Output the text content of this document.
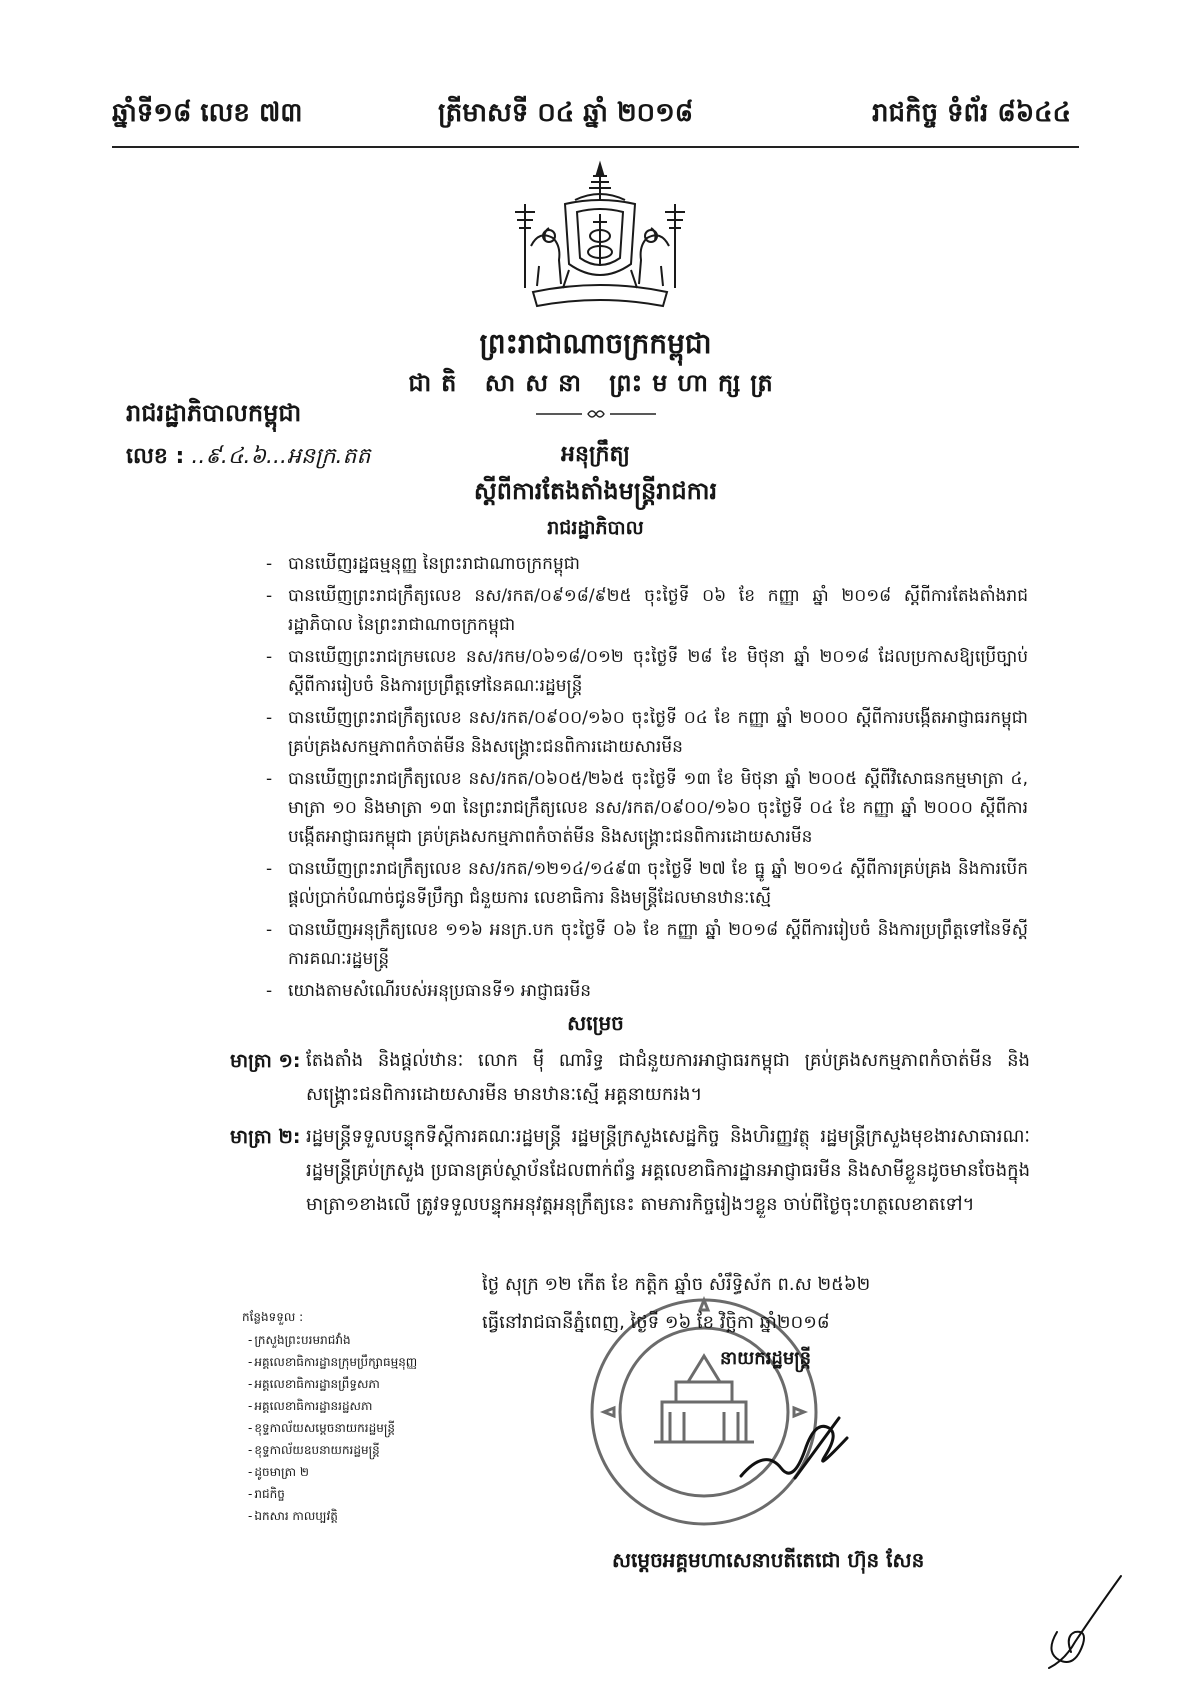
ឆ្នាំទី១៨ លេខ ៧៣	ត្រីមាសទី ០៤ ឆ្នាំ ២០១៨	រាជកិច្ច ទំព័រ ៨៦៤៤
ព្រះរាជាណាចក្រកម្ពុជា
ជាតិ សាសនា ព្រះមហាក្សត្រ
រាជរដ្ឋាភិបាលកម្ពុជា
លេខ : ..៩.៤.៦...អនក្រ.តត	អនុក្រឹត្យ
ស្តីពីការតែងតាំងមន្ត្រីរាជការ
រាជរដ្ឋាភិបាល
- បានឃើញរដ្ឋធម្មនុញ្ញ នៃព្រះរាជាណាចក្រកម្ពុជា
- បានឃើញព្រះរាជក្រឹត្យលេខ នស/រកត/០៩១៨/៩២៥ ចុះថ្ងៃទី ០៦ ខែ កញ្ញា ឆ្នាំ ២០១៨ ស្តីពីការតែងតាំងរាជរដ្ឋាភិបាល នៃព្រះរាជាណាចក្រកម្ពុជា
- បានឃើញព្រះរាជក្រមលេខ នស/រកម/០៦១៨/០១២ ចុះថ្ងៃទី ២៨ ខែ មិថុនា ឆ្នាំ ២០១៨ ដែលប្រកាសឱ្យប្រើច្បាប់ ស្តីពីការរៀបចំ និងការប្រព្រឹត្តទៅនៃគណៈរដ្ឋមន្ត្រី
- បានឃើញព្រះរាជក្រឹត្យលេខ នស/រកត/០៩០០/១៦០ ចុះថ្ងៃទី ០៤ ខែ កញ្ញា ឆ្នាំ ២០០០ ស្តីពីការបង្កើតអាជ្ញាធរកម្ពុជា គ្រប់គ្រងសកម្មភាពកំចាត់មីន និងសង្គ្រោះជនពិការដោយសារមីន
- បានឃើញព្រះរាជក្រឹត្យលេខ នស/រកត/០៦០៥/២៦៥ ចុះថ្ងៃទី ១៣ ខែ មិថុនា ឆ្នាំ ២០០៥ ស្តីពីវិសោធនកម្មមាត្រា ៤, មាត្រា ១០ និងមាត្រា ១៣ នៃព្រះរាជក្រឹត្យលេខ នស/រកត/០៩០០/១៦០ ចុះថ្ងៃទី ០៤ ខែ កញ្ញា ឆ្នាំ ២០០០ ស្តីពីការបង្កើតអាជ្ញាធរកម្ពុជា គ្រប់គ្រងសកម្មភាពកំចាត់មីន និងសង្គ្រោះជនពិការដោយសារមីន
- បានឃើញព្រះរាជក្រឹត្យលេខ នស/រកត/១២១៤/១៤៩៣ ចុះថ្ងៃទី ២៧ ខែ ធ្នូ ឆ្នាំ ២០១៤ ស្តីពីការគ្រប់គ្រង និងការបើកផ្តល់ប្រាក់បំណាច់ជូនទីប្រឹក្សា ជំនួយការ លេខាធិការ និងមន្ត្រីដែលមានឋានៈស្មើ
- បានឃើញអនុក្រឹត្យលេខ ១១៦ អនក្រ.បក ចុះថ្ងៃទី ០៦ ខែ កញ្ញា ឆ្នាំ ២០១៨ ស្តីពីការរៀបចំ និងការប្រព្រឹត្តទៅនៃទីស្តីការគណៈរដ្ឋមន្ត្រី
- យោងតាមសំណើរបស់អនុប្រធានទី១ អាជ្ញាធរមីន
សម្រេច
មាត្រា ១: តែងតាំង និងផ្តល់ឋានៈ លោក ម៉ី ណារិទ្ធ ជាជំនួយការអាជ្ញាធរកម្ពុជា គ្រប់គ្រងសកម្មភាពកំចាត់មីន និងសង្គ្រោះជនពិការដោយសារមីន មានឋានៈស្មើ អគ្គនាយករង។
មាត្រា ២: រដ្ឋមន្ត្រីទទួលបន្ទុកទីស្តីការគណៈរដ្ឋមន្ត្រី រដ្ឋមន្ត្រីក្រសួងសេដ្ឋកិច្ច និងហិរញ្ញវត្ថុ រដ្ឋមន្ត្រីក្រសួងមុខងារសាធារណៈ រដ្ឋមន្ត្រីគ្រប់ក្រសួង ប្រធានគ្រប់ស្ថាប័នដែលពាក់ព័ន្ធ អគ្គលេខាធិការដ្ឋានអាជ្ញាធរមីន និងសាមីខ្លួនដូចមានចែងក្នុងមាត្រា១ខាងលើ ត្រូវទទួលបន្ទុកអនុវត្តអនុក្រឹត្យនេះ តាមភារកិច្ចរៀងៗខ្លួន ចាប់ពីថ្ងៃចុះហត្ថលេខាតទៅ។
ថ្ងៃ សុក្រ ១២ កើត ខែ​ កត្តិក ឆ្នាំច សំរឹទ្ធិស័ក ព.ស ២៥៦២
ធ្វើនៅរាជធានីភ្នំពេញ, ថ្ងៃទី ១៦ ខែ វិច្ឆិកា ឆ្នាំ២០១៨
នាយករដ្ឋមន្ត្រី
សម្តេចអគ្គមហាសេនាបតីតេជោ ហ៊ុន សែន
កន្លែងទទួល :
- ក្រសួងព្រះបរមរាជវាំង
- អគ្គលេខាធិការដ្ឋានក្រុមប្រឹក្សាធម្មនុញ្ញ
- អគ្គលេខាធិការដ្ឋានព្រឹទ្ធសភា
- អគ្គលេខាធិការដ្ឋានរដ្ឋសភា
- ខុទ្ទកាល័យសម្តេចនាយករដ្ឋមន្ត្រី
- ខុទ្ទកាល័យឧបនាយករដ្ឋមន្ត្រី
- ដូចមាត្រា ២
- រាជកិច្ច
- ឯកសារ កាលប្បវត្តិ
